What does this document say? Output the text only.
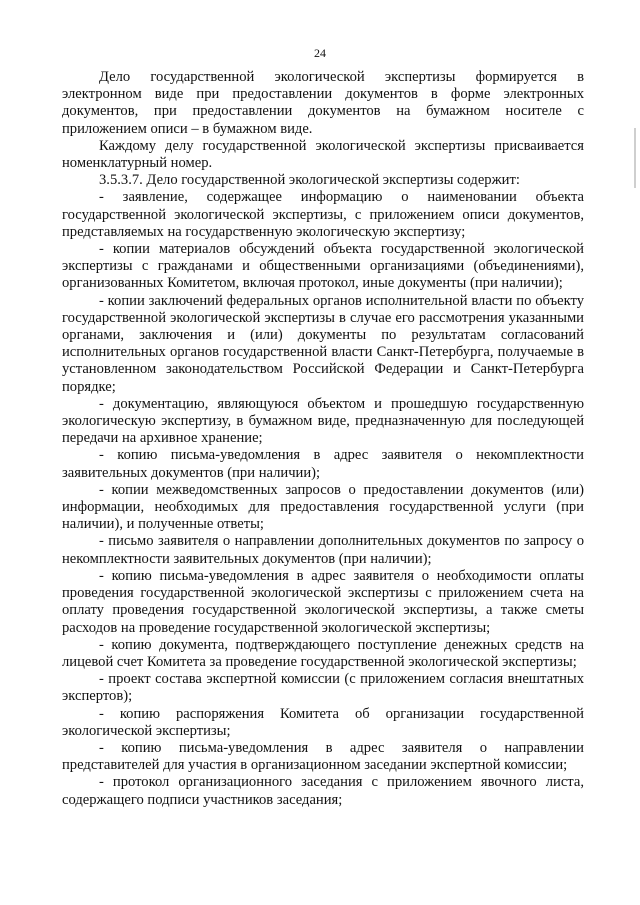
24

Дело государственной экологической экспертизы формируется в электронном виде при предоставлении документов в форме электронных документов, при предоставлении документов на бумажном носителе с приложением описи – в бумажном виде.

Каждому делу государственной экологической экспертизы присваивается номенклатурный номер.

3.5.3.7. Дело государственной экологической экспертизы содержит:

- заявление, содержащее информацию о наименовании объекта государственной экологической экспертизы, с приложением описи документов, представляемых на государственную экологическую экспертизу;

- копии материалов обсуждений объекта государственной экологической экспертизы с гражданами и общественными организациями (объединениями), организованных Комитетом, включая протокол, иные документы (при наличии);

- копии заключений федеральных органов исполнительной власти по объекту государственной экологической экспертизы в случае его рассмотрения указанными органами, заключения и (или) документы по результатам согласований исполнительных органов государственной власти Санкт-Петербурга, получаемые в установленном законодательством Российской Федерации и Санкт-Петербурга порядке;

- документацию, являющуюся объектом и прошедшую государственную экологическую экспертизу, в бумажном виде, предназначенную для последующей передачи на архивное хранение;

- копию письма-уведомления в адрес заявителя о некомплектности заявительных документов (при наличии);

- копии межведомственных запросов о предоставлении документов (или) информации, необходимых для предоставления государственной услуги (при наличии), и полученные ответы;

- письмо заявителя о направлении дополнительных документов по запросу о некомплектности заявительных документов (при наличии);

- копию письма-уведомления в адрес заявителя о необходимости оплаты проведения государственной экологической экспертизы с приложением счета на оплату проведения государственной экологической экспертизы, а также сметы расходов на проведение государственной экологической экспертизы;

- копию документа, подтверждающего поступление денежных средств на лицевой счет Комитета за проведение государственной экологической экспертизы;

- проект состава экспертной комиссии (с приложением согласия внештатных экспертов);

- копию распоряжения Комитета об организации государственной экологической экспертизы;

- копию письма-уведомления в адрес заявителя о направлении представителей для участия в организационном заседании экспертной комиссии;

- протокол организационного заседания с приложением явочного листа, содержащего подписи участников заседания;
